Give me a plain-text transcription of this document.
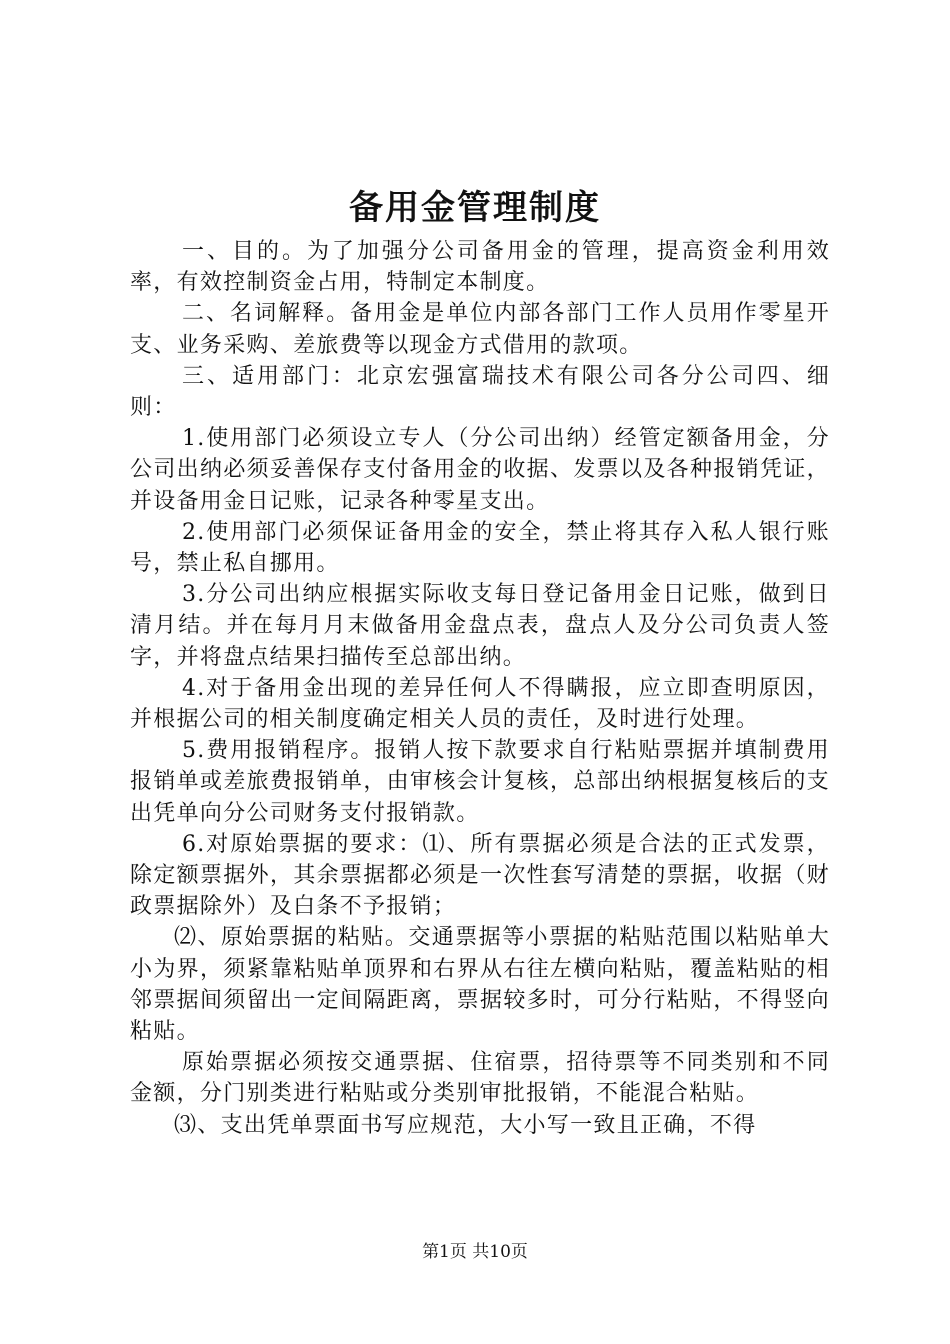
备用金管理制度

一、目的。为了加强分公司备用金的管理，提高资金利用效率，有效控制资金占用，特制定本制度。

二、名词解释。备用金是单位内部各部门工作人员用作零星开支、业务采购、差旅费等以现金方式借用的款项。

三、适用部门：北京宏强富瑞技术有限公司各分公司四、细则：

1.使用部门必须设立专人（分公司出纳）经管定额备用金，分公司出纳必须妥善保存支付备用金的收据、发票以及各种报销凭证，并设备用金日记账，记录各种零星支出。

2.使用部门必须保证备用金的安全，禁止将其存入私人银行账号，禁止私自挪用。

3.分公司出纳应根据实际收支每日登记备用金日记账，做到日清月结。并在每月月末做备用金盘点表，盘点人及分公司负责人签字，并将盘点结果扫描传至总部出纳。

4.对于备用金出现的差异任何人不得瞒报，应立即查明原因，并根据公司的相关制度确定相关人员的责任，及时进行处理。

5.费用报销程序。报销人按下款要求自行粘贴票据并填制费用报销单或差旅费报销单，由审核会计复核，总部出纳根据复核后的支出凭单向分公司财务支付报销款。

6.对原始票据的要求：⑴、所有票据必须是合法的正式发票，除定额票据外，其余票据都必须是一次性套写清楚的票据，收据（财政票据除外）及白条不予报销；

⑵、原始票据的粘贴。交通票据等小票据的粘贴范围以粘贴单大小为界，须紧靠粘贴单顶界和右界从右往左横向粘贴，覆盖粘贴的相邻票据间须留出一定间隔距离，票据较多时，可分行粘贴，不得竖向粘贴。

原始票据必须按交通票据、住宿票，招待票等不同类别和不同金额，分门别类进行粘贴或分类别审批报销，不能混合粘贴。

⑶、支出凭单票面书写应规范，大小写一致且正确，不得

第1页 共10页
